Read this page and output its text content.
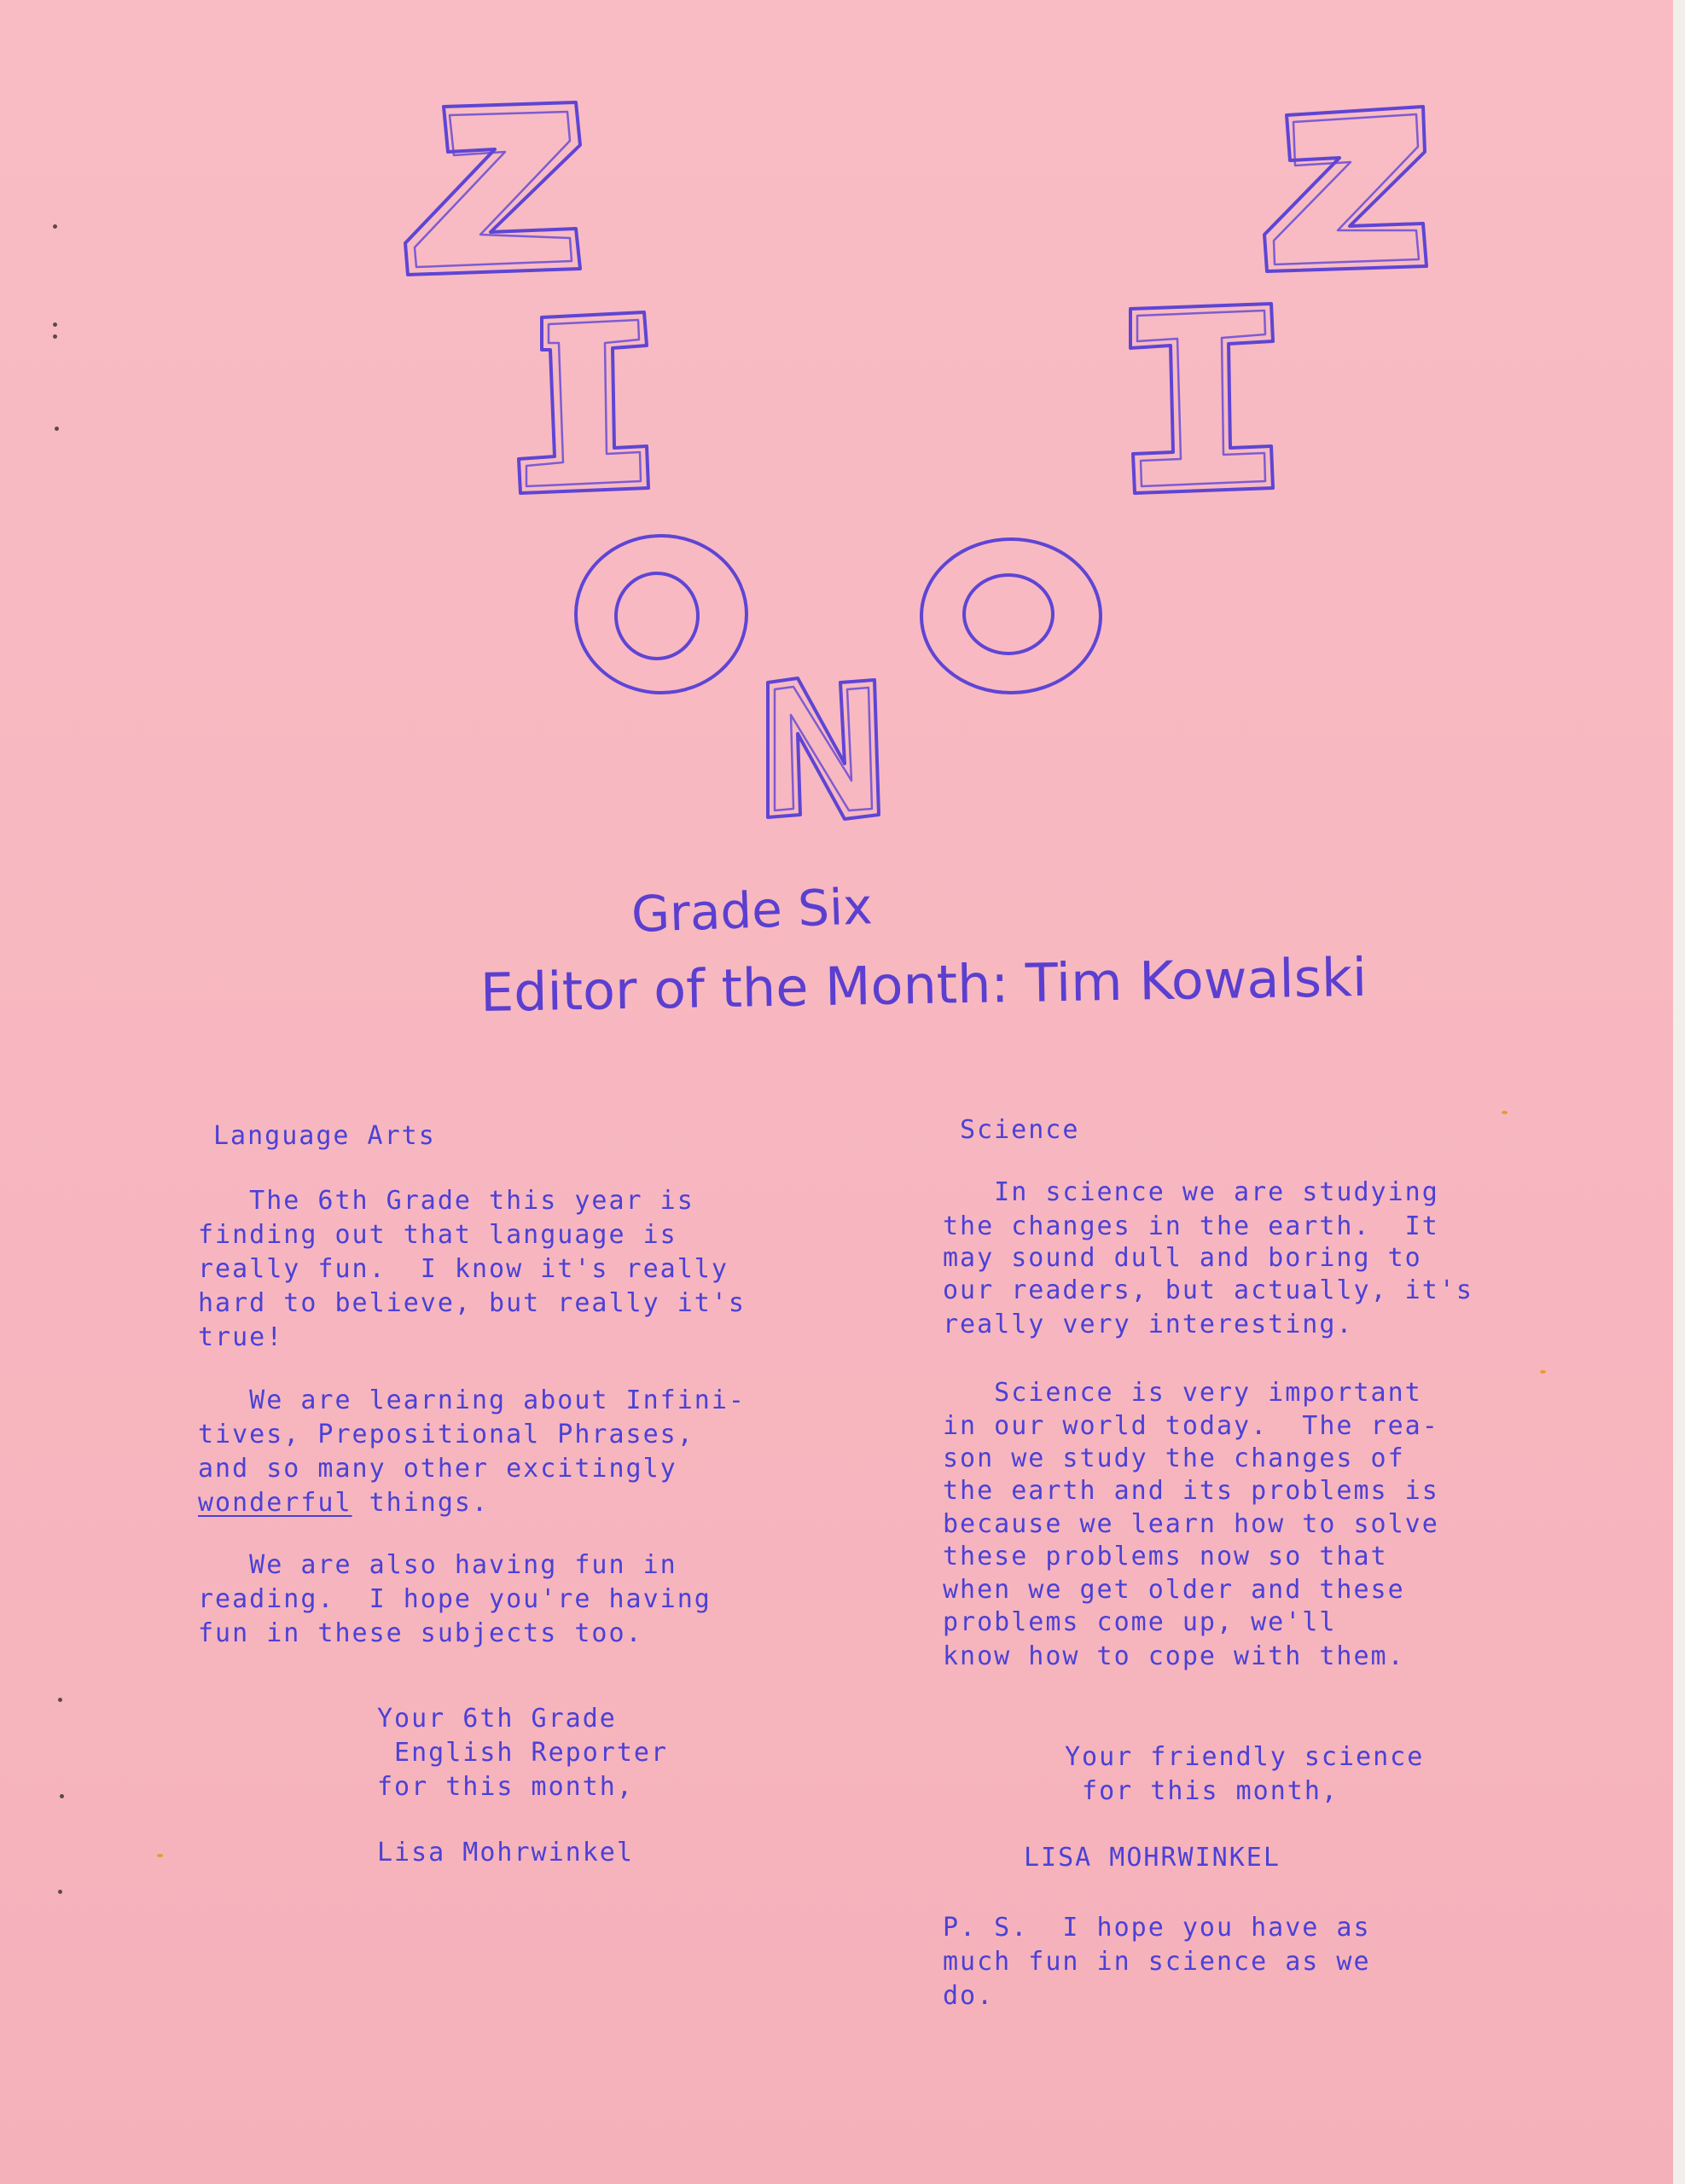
Grade Six
Editor of the Month: Tim Kowalski
Language Arts
The 6th Grade this year is
finding out that language is
really fun.  I know it's really
hard to believe, but really it's
true!
We are learning about Infini-
tives, Prepositional Phrases,
and so many other excitingly
wonderful things.
We are also having fun in
reading.  I hope you're having
fun in these subjects too.
Your 6th Grade
English Reporter
for this month,
Lisa Mohrwinkel
Science
In science we are studying
the changes in the earth.  It
may sound dull and boring to
our readers, but actually, it's
really very interesting.
Science is very important
in our world today.  The rea-
son we study the changes of
the earth and its problems is
because we learn how to solve
these problems now so that
when we get older and these
problems come up, we'll
know how to cope with them.
Your friendly science
for this month,
LISA MOHRWINKEL
P. S.  I hope you have as
much fun in science as we
do.
